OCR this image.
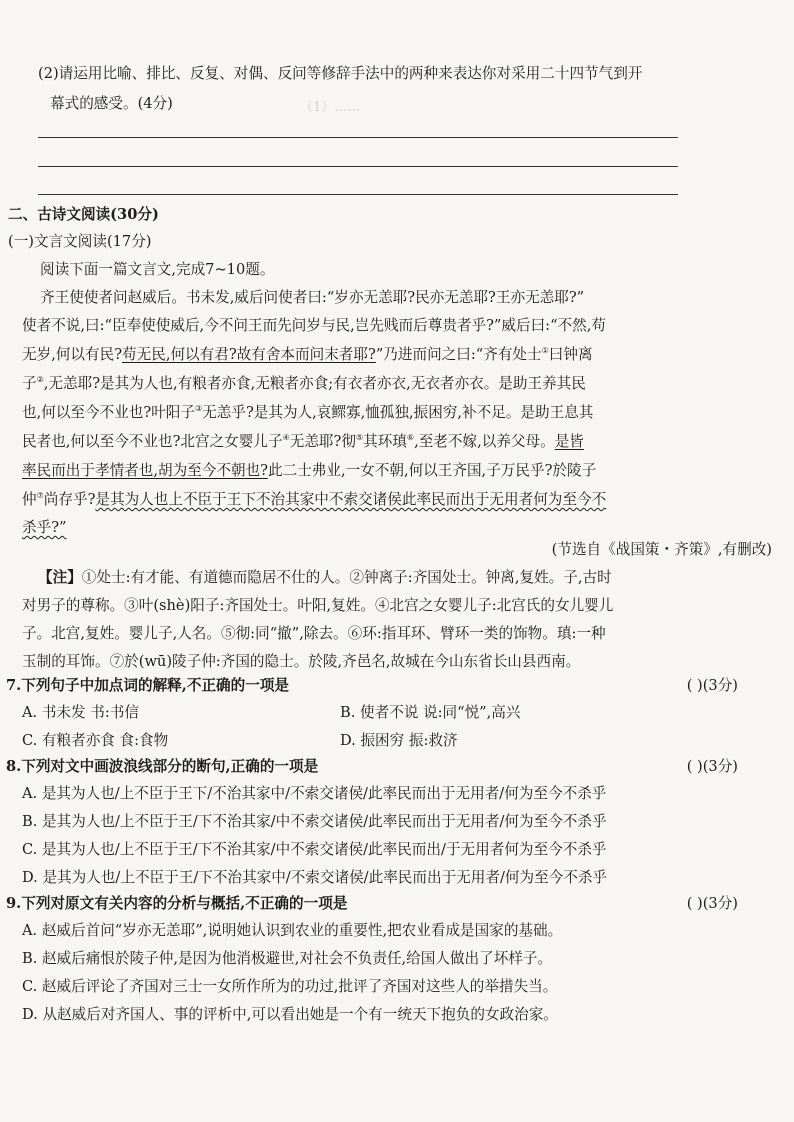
（1）……
(2)请运用比喻、排比、反复、对偶、反问等修辞手法中的两种来表达你对采用二十四节气到开
幕式的感受。(4分)
二、古诗文阅读(30分)
(一)文言文阅读(17分)
阅读下面一篇文言文,完成7~10题。
齐王使使者问赵威后。书未发,威后问使者曰:“岁亦无恙耶?民亦无恙耶?王亦无恙耶?”
使者不说,曰:“臣奉使使威后,今不问王而先问岁与民,岂先贱而后尊贵者乎?”威后曰:“不然,苟
无岁,何以有民?苟无民,何以有君?故有舍本而问末者耶?”乃进而问之曰:“齐有处士①曰钟离
子②,无恙耶?是其为人也,有粮者亦食,无粮者亦食;有衣者亦衣,无衣者亦衣。是助王养其民
也,何以至今不业也?叶阳子③无恙乎?是其为人,哀鳏寡,恤孤独,振困穷,补不足。是助王息其
民者也,何以至今不业也?北宫之女婴儿子④无恙耶?彻⑤其环瑱⑥,至老不嫁,以养父母。是皆
率民而出于孝情者也,胡为至今不朝也?此二士弗业,一女不朝,何以王齐国,子万民乎?於陵子
仲⑦尚存乎?是其为人也上不臣于王下不治其家中不索交诸侯此率民而出于无用者何为至今不
杀乎?”
(节选自《战国策・齐策》,有删改)
【注】①处士:有才能、有道德而隐居不仕的人。②钟离子:齐国处士。钟离,复姓。子,古时
对男子的尊称。③叶(shè)阳子:齐国处士。叶阳,复姓。④北宫之女婴儿子:北宫氏的女儿婴儿
子。北宫,复姓。婴儿子,人名。⑤彻:同“撤”,除去。⑥环:指耳环、臂环一类的饰物。瑱:一种
玉制的耳饰。⑦於(wū)陵子仲:齐国的隐士。於陵,齐邑名,故城在今山东省长山县西南。
7.下列句子中加点词的解释,不正确的一项是	( )(3分)
A. 书未发 书:书信	B. 使者不说 说:同“悦”,高兴
C. 有粮者亦食 食:食物	D. 振困穷 振:救济
8.下列对文中画波浪线部分的断句,正确的一项是	( )(3分)
A. 是其为人也/上不臣于王下/不治其家中/不索交诸侯/此率民而出于无用者/何为至今不杀乎
B. 是其为人也/上不臣于王/下不治其家/中不索交诸侯/此率民而出于无用者/何为至今不杀乎
C. 是其为人也/上不臣于王/下不治其家/中不索交诸侯/此率民而出/于无用者何为至今不杀乎
D. 是其为人也/上不臣于王/下不治其家中/不索交诸侯/此率民而出于无用者/何为至今不杀乎
9.下列对原文有关内容的分析与概括,不正确的一项是	( )(3分)
A. 赵威后首问“岁亦无恙耶”,说明她认识到农业的重要性,把农业看成是国家的基础。
B. 赵威后痛恨於陵子仲,是因为他消极避世,对社会不负责任,给国人做出了坏样子。
C. 赵威后评论了齐国对三士一女所作所为的功过,批评了齐国对这些人的举措失当。
D. 从赵威后对齐国人、事的评析中,可以看出她是一个有一统天下抱负的女政治家。
